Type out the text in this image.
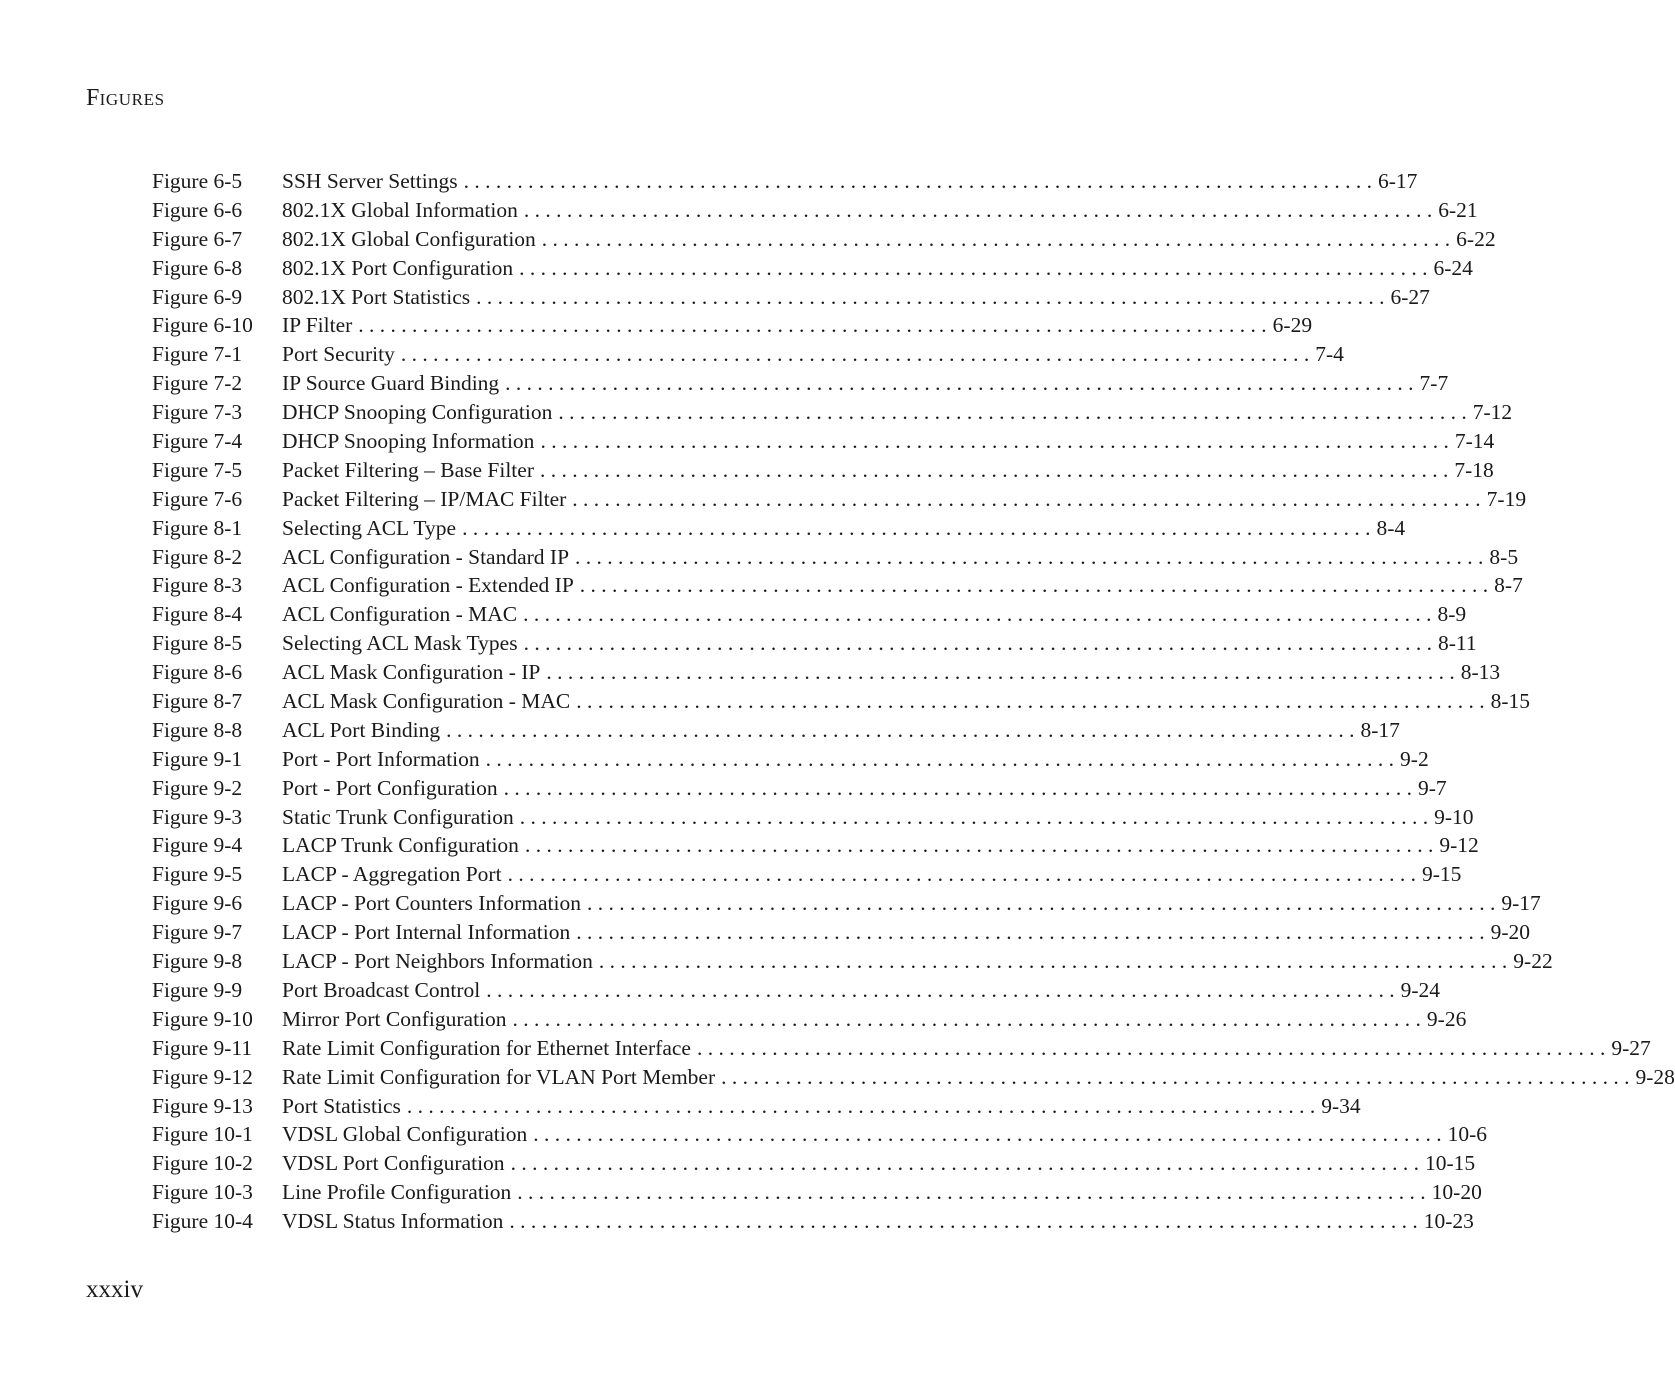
FIGURES
Figure 6-5	SSH Server Settings . . .	6-17
Figure 6-6	802.1X Global Information . . .	6-21
Figure 6-7	802.1X Global Configuration . . .	6-22
Figure 6-8	802.1X Port Configuration . . .	6-24
Figure 6-9	802.1X Port Statistics . . .	6-27
Figure 6-10	IP Filter . . .	6-29
Figure 7-1	Port Security . . .	7-4
Figure 7-2	IP Source Guard Binding . . .	7-7
Figure 7-3	DHCP Snooping Configuration . . .	7-12
Figure 7-4	DHCP Snooping Information . . .	7-14
Figure 7-5	Packet Filtering – Base Filter . . .	7-18
Figure 7-6	Packet Filtering – IP/MAC Filter . . .	7-19
Figure 8-1	Selecting ACL Type . . .	8-4
Figure 8-2	ACL Configuration - Standard IP . . .	8-5
Figure 8-3	ACL Configuration - Extended IP . . .	8-7
Figure 8-4	ACL Configuration - MAC . . .	8-9
Figure 8-5	Selecting ACL Mask Types . . .	8-11
Figure 8-6	ACL Mask Configuration - IP . . .	8-13
Figure 8-7	ACL Mask Configuration - MAC . . .	8-15
Figure 8-8	ACL Port Binding . . .	8-17
Figure 9-1	Port - Port Information . . .	9-2
Figure 9-2	Port - Port Configuration . . .	9-7
Figure 9-3	Static Trunk Configuration . . .	9-10
Figure 9-4	LACP Trunk Configuration . . .	9-12
Figure 9-5	LACP - Aggregation Port . . .	9-15
Figure 9-6	LACP - Port Counters Information . . .	9-17
Figure 9-7	LACP - Port Internal Information . . .	9-20
Figure 9-8	LACP - Port Neighbors Information . . .	9-22
Figure 9-9	Port Broadcast Control . . .	9-24
Figure 9-10	Mirror Port Configuration . . .	9-26
Figure 9-11	Rate Limit Configuration for Ethernet Interface . . .	9-27
Figure 9-12	Rate Limit Configuration for VLAN Port Member . . .	9-28
Figure 9-13	Port Statistics . . .	9-34
Figure 10-1	VDSL Global Configuration . . .	10-6
Figure 10-2	VDSL Port Configuration . . .	10-15
Figure 10-3	Line Profile Configuration . . .	10-20
Figure 10-4	VDSL Status Information . . .	10-23
xxxiv
